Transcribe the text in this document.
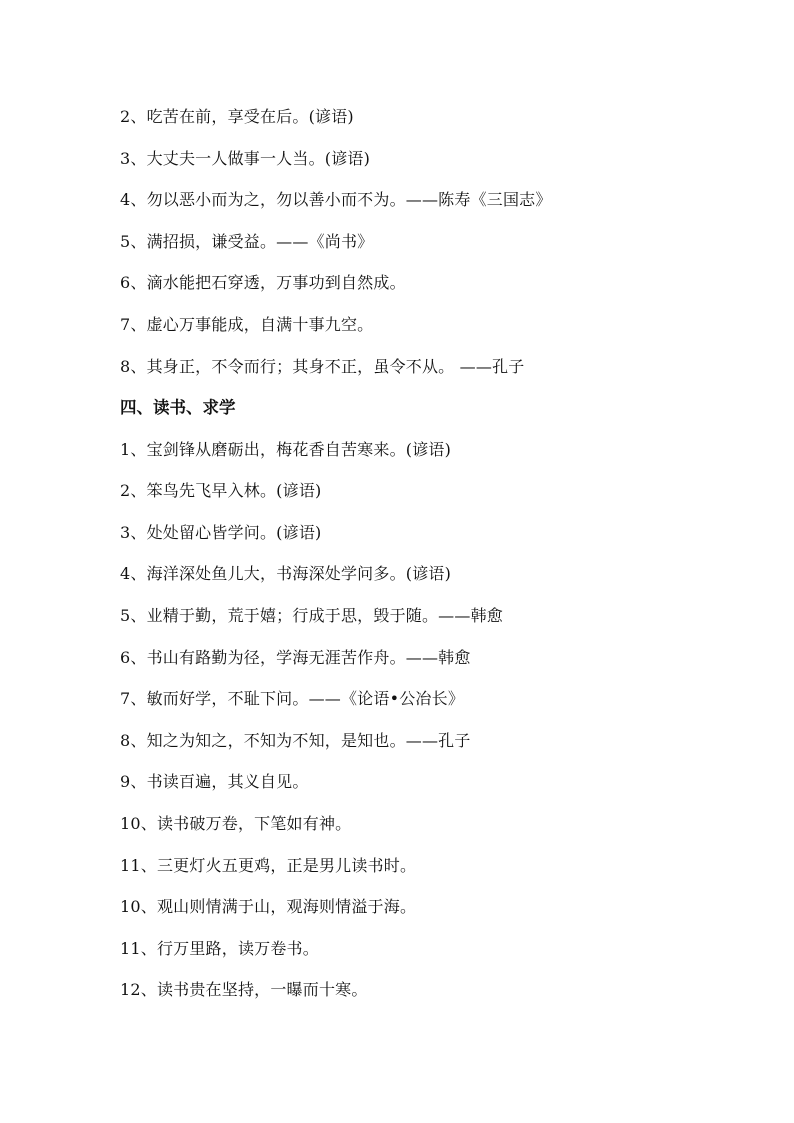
2、吃苦在前，享受在后。(谚语)
3、大丈夫一人做事一人当。(谚语)
4、勿以恶小而为之，勿以善小而不为。——陈寿《三国志》
5、满招损，谦受益。——《尚书》
6、滴水能把石穿透，万事功到自然成。
7、虚心万事能成，自满十事九空。
8、其身正，不令而行；其身不正，虽令不从。 ——孔子
四、读书、求学
1、宝剑锋从磨砺出，梅花香自苦寒来。(谚语)
2、笨鸟先飞早入林。(谚语)
3、处处留心皆学问。(谚语)
4、海洋深处鱼儿大，书海深处学问多。(谚语)
5、业精于勤，荒于嬉；行成于思，毁于随。——韩愈
6、书山有路勤为径，学海无涯苦作舟。——韩愈
7、敏而好学，不耻下问。——《论语•公冶长》
8、知之为知之，不知为不知，是知也。——孔子
9、书读百遍，其义自见。
10、读书破万卷，下笔如有神。
11、三更灯火五更鸡，正是男儿读书时。
10、观山则情满于山，观海则情溢于海。
11、行万里路，读万卷书。
12、读书贵在坚持，一曝而十寒。
